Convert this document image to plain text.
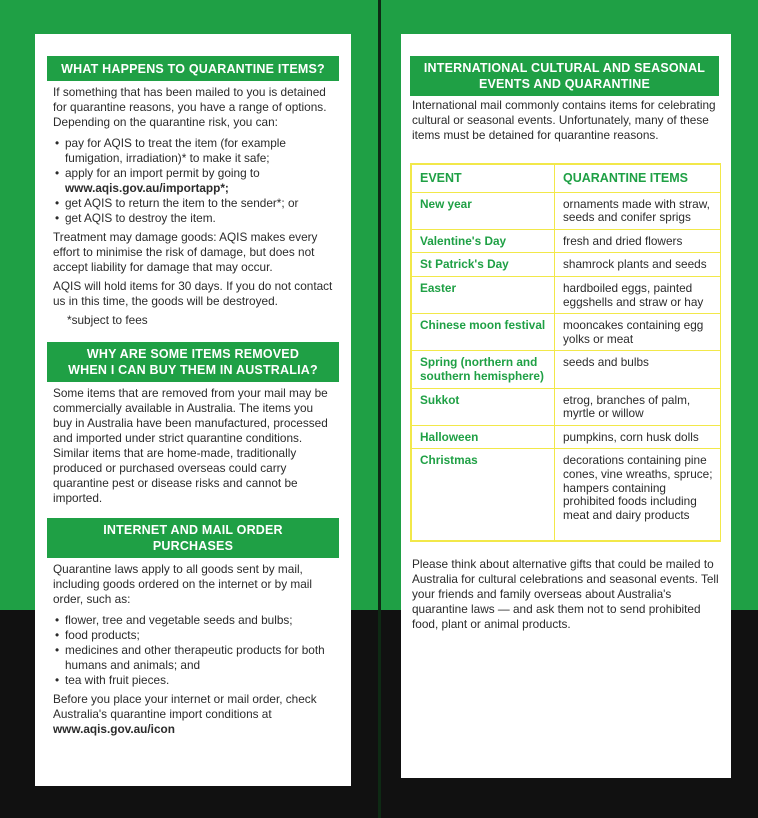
WHAT HAPPENS TO QUARANTINE ITEMS?

If something that has been mailed to you is detained for quarantine reasons, you have a range of options. Depending on the quarantine risk, you can:

• pay for AQIS to treat the item (for example fumigation, irradiation)* to make it safe;
• apply for an import permit by going to
www.aqis.gov.au/importapp*;
• get AQIS to return the item to the sender*; or
• get AQIS to destroy the item.

Treatment may damage goods: AQIS makes every effort to minimise the risk of damage, but does not accept liability for damage that may occur.

AQIS will hold items for 30 days. If you do not contact us in this time, the goods will be destroyed.

*subject to fees

WHY ARE SOME ITEMS REMOVED
WHEN I CAN BUY THEM IN AUSTRALIA?

Some items that are removed from your mail may be commercially available in Australia. The items you buy in Australia have been manufactured, processed and imported under strict quarantine conditions. Similar items that are home-made, traditionally produced or purchased overseas could carry quarantine pest or disease risks and cannot be imported.

INTERNET AND MAIL ORDER
PURCHASES

Quarantine laws apply to all goods sent by mail, including goods ordered on the internet or by mail order, such as:

• flower, tree and vegetable seeds and bulbs;
• food products;
• medicines and other therapeutic products for both humans and animals; and
• tea with fruit pieces.

Before you place your internet or mail order, check Australia's quarantine import conditions at www.aqis.gov.au/icon

INTERNATIONAL CULTURAL AND SEASONAL
EVENTS AND QUARANTINE

International mail commonly contains items for celebrating cultural or seasonal events. Unfortunately, many of these items must be detained for quarantine reasons.

EVENT	QUARANTINE ITEMS
New year	ornaments made with straw, seeds and conifer sprigs
Valentine's Day	fresh and dried flowers
St Patrick's Day	shamrock plants and seeds
Easter	hardboiled eggs, painted eggshells and straw or hay
Chinese moon festival	mooncakes containing egg yolks or meat
Spring (northern and southern hemisphere)	seeds and bulbs
Sukkot	etrog, branches of palm, myrtle or willow
Halloween	pumpkins, corn husk dolls
Christmas	decorations containing pine cones, vine wreaths, spruce; hampers containing prohibited foods including meat and dairy products

Please think about alternative gifts that could be mailed to Australia for cultural celebrations and seasonal events. Tell your friends and family overseas about Australia's quarantine laws — and ask them not to send prohibited food, plant or animal products.
